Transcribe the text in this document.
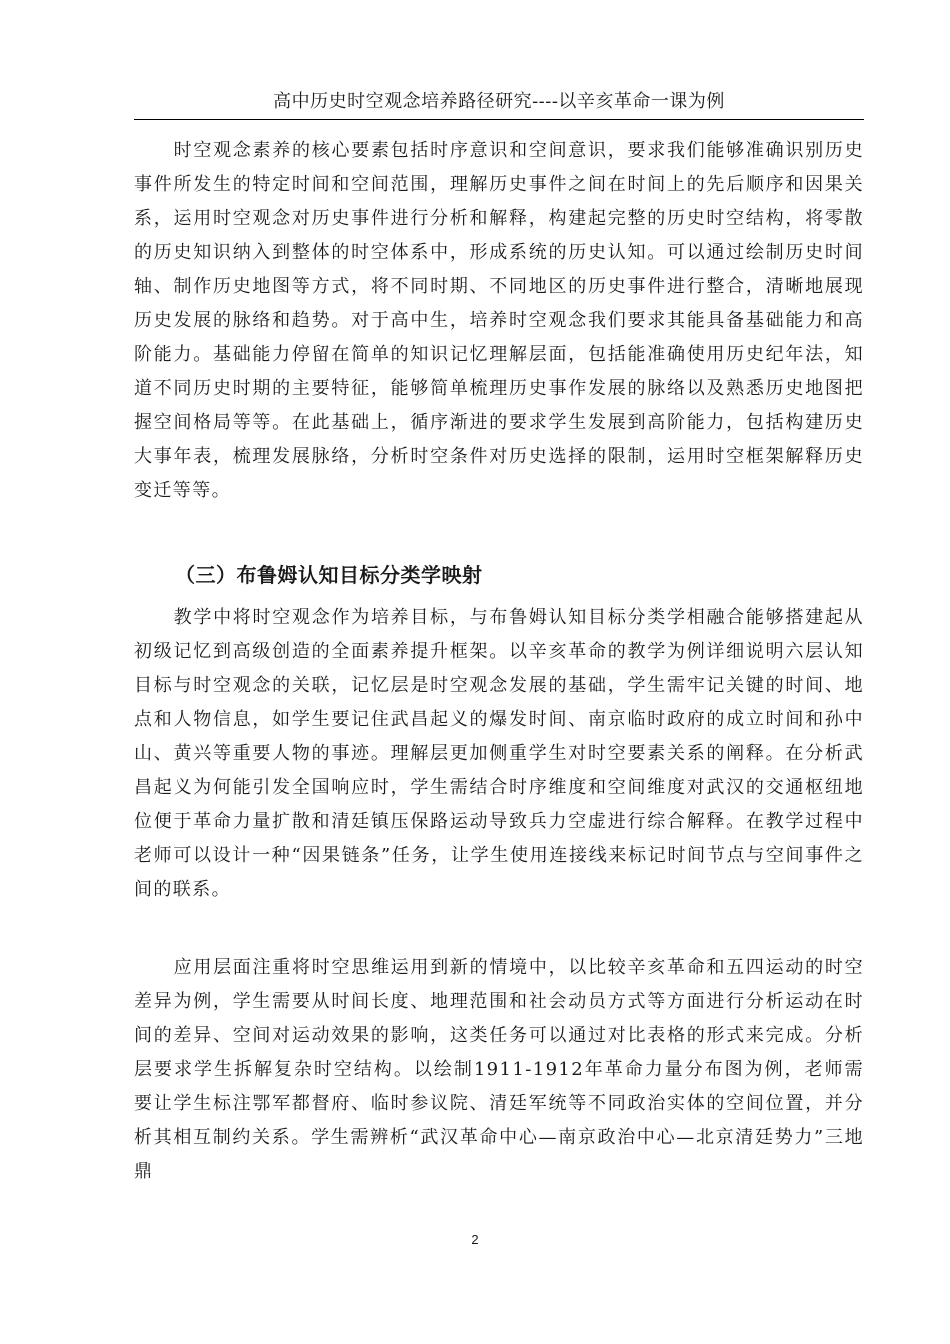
高中历史时空观念培养路径研究----以辛亥革命一课为例

时空观念素养的核心要素包括时序意识和空间意识，要求我们能够准确识别历史事件所发生的特定时间和空间范围，理解历史事件之间在时间上的先后顺序和因果关系，运用时空观念对历史事件进行分析和解释，构建起完整的历史时空结构，将零散的历史知识纳入到整体的时空体系中，形成系统的历史认知。可以通过绘制历史时间轴、制作历史地图等方式，将不同时期、不同地区的历史事件进行整合，清晰地展现历史发展的脉络和趋势。对于高中生，培养时空观念我们要求其能具备基础能力和高阶能力。基础能力停留在简单的知识记忆理解层面，包括能准确使用历史纪年法，知道不同历史时期的主要特征，能够简单梳理历史事作发展的脉络以及熟悉历史地图把握空间格局等等。在此基础上，循序渐进的要求学生发展到高阶能力，包括构建历史大事年表，梳理发展脉络，分析时空条件对历史选择的限制，运用时空框架解释历史变迁等等。

（三）布鲁姆认知目标分类学映射

教学中将时空观念作为培养目标，与布鲁姆认知目标分类学相融合能够搭建起从初级记忆到高级创造的全面素养提升框架。以辛亥革命的教学为例详细说明六层认知目标与时空观念的关联，记忆层是时空观念发展的基础，学生需牢记关键的时间、地点和人物信息，如学生要记住武昌起义的爆发时间、南京临时政府的成立时间和孙中山、黄兴等重要人物的事迹。理解层更加侧重学生对时空要素关系的阐释。在分析武昌起义为何能引发全国响应时，学生需结合时序维度和空间维度对武汉的交通枢纽地位便于革命力量扩散和清廷镇压保路运动导致兵力空虚进行综合解释。在教学过程中老师可以设计一种“因果链条”任务，让学生使用连接线来标记时间节点与空间事件之间的联系。

应用层面注重将时空思维运用到新的情境中，以比较辛亥革命和五四运动的时空差异为例，学生需要从时间长度、地理范围和社会动员方式等方面进行分析运动在时间的差异、空间对运动效果的影响，这类任务可以通过对比表格的形式来完成。分析层要求学生拆解复杂时空结构。以绘制1911-1912年革命力量分布图为例，老师需要让学生标注鄂军都督府、临时参议院、清廷军统等不同政治实体的空间位置，并分析其相互制约关系。学生需辨析“武汉革命中心—南京政治中心—北京清廷势力”三地鼎

2
